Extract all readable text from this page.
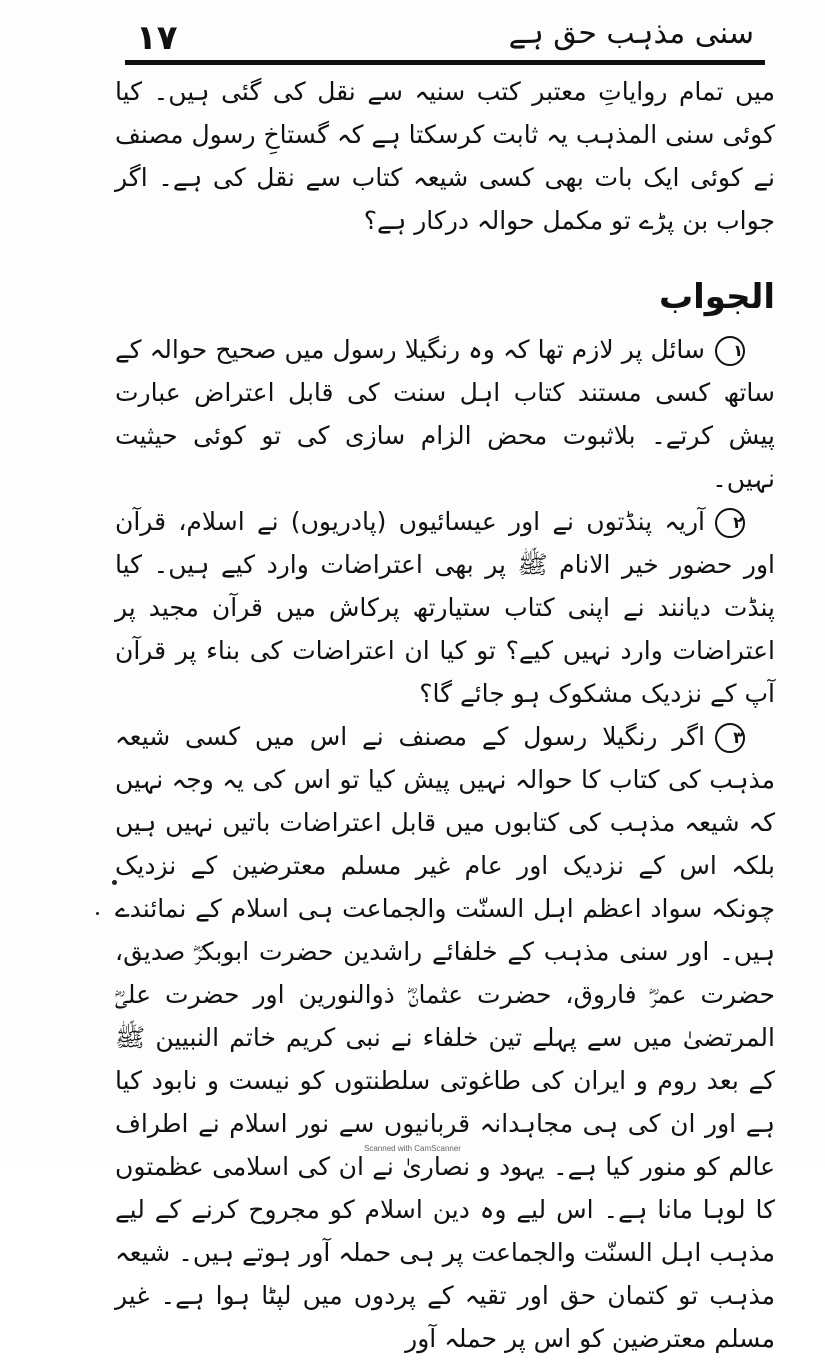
۱۷	سنی مذہب حق ہے

میں تمام روایاتِ معتبر کتب سنیہ سے نقل کی گئی ہیں۔ کیا کوئی سنی المذہب یہ ثابت کرسکتا ہے کہ گستاخِ رسول مصنف نے کوئی ایک بات بھی کسی شیعہ کتاب سے نقل کی ہے۔ اگر جواب بن پڑے تو مکمل حوالہ درکار ہے؟

الجواب

۱سائل پر لازم تھا کہ وہ رنگیلا رسول میں صحیح حوالہ کے ساتھ کسی مستند کتاب اہل سنت کی قابل اعتراض عبارت پیش کرتے۔ بلاثبوت محض الزام سازی کی تو کوئی حیثیت نہیں۔

۲آریہ پنڈتوں نے اور عیسائیوں (پادریوں) نے اسلام، قرآن اور حضور خیر الانام ﷺ پر بھی اعتراضات وارد کیے ہیں۔ کیا پنڈت دیانند نے اپنی کتاب ستیارتھ پرکاش میں قرآن مجید پر اعتراضات وارد نہیں کیے؟ تو کیا ان اعتراضات کی بناء پر قرآن آپ کے نزدیک مشکوک ہو جائے گا؟

۳اگر رنگیلا رسول کے مصنف نے اس میں کسی شیعہ مذہب کی کتاب کا حوالہ نہیں پیش کیا تو اس کی یہ وجہ نہیں کہ شیعہ مذہب کی کتابوں میں قابل اعتراضات باتیں نہیں ہیں بلکہ اس کے نزدیک اور عام غیر مسلم معترضین کے نزدیک چونکہ سواد اعظم اہل السنّت والجماعت ہی اسلام کے نمائندے ہیں۔ اور سنی مذہب کے خلفائے راشدین حضرت ابوبکرؓ صدیق، حضرت عمرؓ فاروق، حضرت عثمانؓ ذوالنورین اور حضرت علیؓ المرتضیٰ میں سے پہلے تین خلفاء نے نبی کریم خاتم النبیین ﷺ کے بعد روم و ایران کی طاغوتی سلطنتوں کو نیست و نابود کیا ہے اور ان کی ہی مجاہدانہ قربانیوں سے نور اسلام نے اطراف عالم کو منور کیا ہے۔ یہود و نصاریٰ نے ان کی اسلامی عظمتوں کا لوہا مانا ہے۔ اس لیے وہ دین اسلام کو مجروح کرنے کے لیے مذہب اہل السنّت والجماعت پر ہی حملہ آور ہوتے ہیں۔ شیعہ مذہب تو کتمان حق اور تقیہ کے پردوں میں لپٹا ہوا ہے۔ غیر مسلم معترضین کو اس پر حملہ آور

Scanned with CamScanner
